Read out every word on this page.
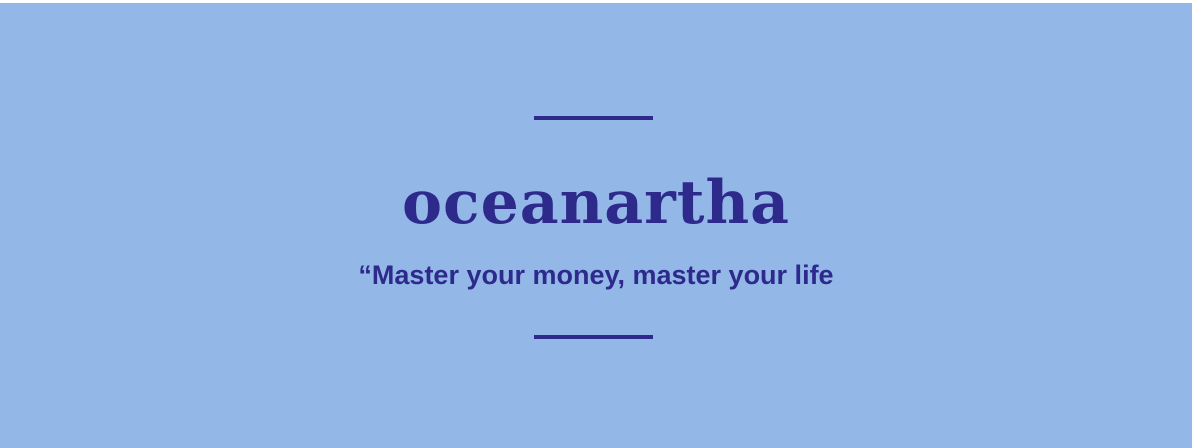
oceanartha
“Master your money, master your life
